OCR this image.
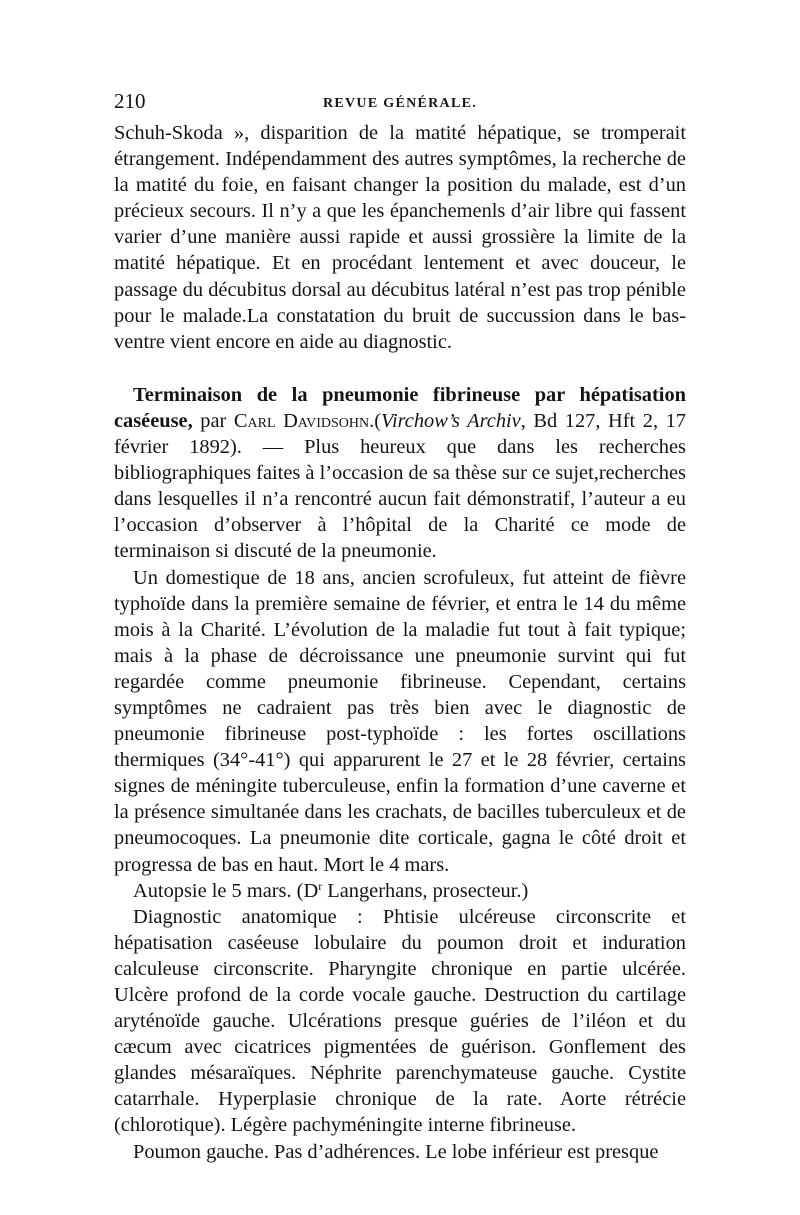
210	REVUE GÉNÉRALE.

Schuh-Skoda », disparition de la matité hépatique, se tromperait étrangement. Indépendamment des autres symptômes, la recherche de la matité du foie, en faisant changer la position du malade, est d’un précieux secours. Il n’y a que les épanchemenls d’air libre qui fassent varier d’une manière aussi rapide et aussi grossière la limite de la matité hépatique. Et en procédant lentement et avec douceur, le passage du décubitus dorsal au décubitus latéral n’est pas trop pénible pour le malade.La constatation du bruit de succussion dans le bas-ventre vient encore en aide au diagnostic.

Terminaison de la pneumonie fibrineuse par hépatisation caséeuse, par Carl Davidsohn.(Virchow’s Archiv, Bd 127, Hft 2, 17 février 1892). — Plus heureux que dans les recherches bibliographiques faites à l’occasion de sa thèse sur ce sujet,recherches dans lesquelles il n’a rencontré aucun fait démonstratif, l’auteur a eu l’occasion d’observer à l’hôpital de la Charité ce mode de terminaison si discuté de la pneumonie.

Un domestique de 18 ans, ancien scrofuleux, fut atteint de fièvre typhoïde dans la première semaine de février, et entra le 14 du même mois à la Charité. L’évolution de la maladie fut tout à fait typique; mais à la phase de décroissance une pneumonie survint qui fut regardée comme pneumonie fibrineuse. Cependant, certains symptômes ne cadraient pas très bien avec le diagnostic de pneumonie fibrineuse post-typhoïde : les fortes oscillations thermiques (34°-41°) qui apparurent le 27 et le 28 février, certains signes de méningite tuberculeuse, enfin la formation d’une caverne et la présence simultanée dans les crachats, de bacilles tuberculeux et de pneumocoques. La pneumonie dite corticale, gagna le côté droit et progressa de bas en haut. Mort le 4 mars.

Autopsie le 5 mars. ($D^r$ Langerhans, prosecteur.)

Diagnostic anatomique : Phtisie ulcéreuse circonscrite et hépatisation caséeuse lobulaire du poumon droit et induration calculeuse circonscrite. Pharyngite chronique en partie ulcérée. Ulcère profond de la corde vocale gauche. Destruction du cartilage aryténoïde gauche. Ulcérations presque guéries de l’iléon et du cæcum avec cicatrices pigmentées de guérison. Gonflement des glandes mésaraïques. Néphrite parenchymateuse gauche. Cystite catarrhale. Hyperplasie chronique de la rate. Aorte rétrécie (chlorotique). Légère pachyméningite interne fibrineuse.

Poumon gauche. Pas d’adhérences. Le lobe inférieur est presque
